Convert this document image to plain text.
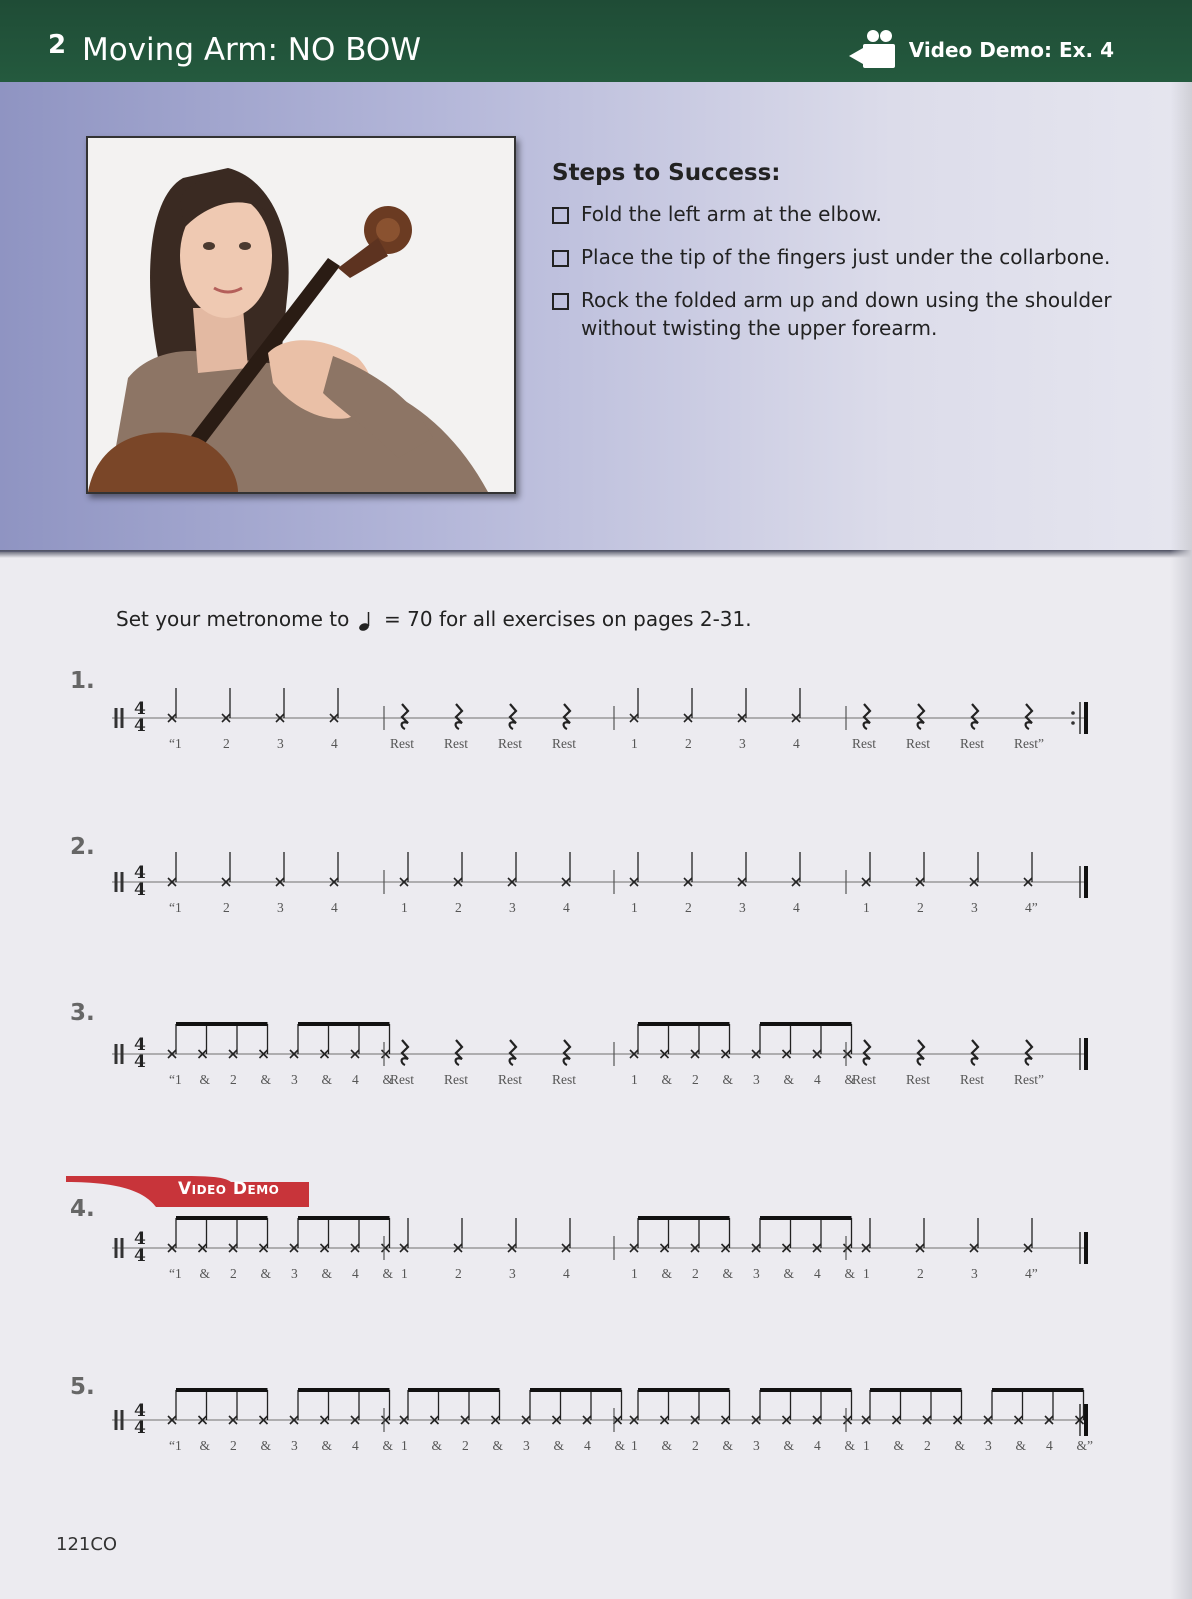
2 Moving Arm: NO BOW	Video Demo: Ex. 4
Steps to Success:
Fold the left arm at the elbow.
Place the tip of the fingers just under the collarbone.
Rock the folded arm up and down using the shoulder without twisting the upper forearm.
Set your metronome to = 70 for all exercises on pages 2-31.
1.
2.
3.
4.
5.
Video Demo
4
4
“1	2	3	4	Rest Rest Rest Rest	1	2	3	4	Rest Rest Rest Rest”
4
4
“1	2	3	4	1	2	3	4	1	2	3	4	1	2	3	4”
4
4
“1 & 2 & 3 & 4 &
Rest Rest Rest Rest	1 & 2 & 3 & 4 &
Rest Rest Rest Rest”
4
4
“1 & 2 & 3 & 4 & 1	2	3	4	1 & 2 & 3 & 4 & 1	2	3	4”
4
4
“1 & 2 & 3 & 4 & 1 & 2 & 3 & 4 & 1 & 2 & 3 & 4 & 1 & 2 & 3 & 4 &”
121CO
